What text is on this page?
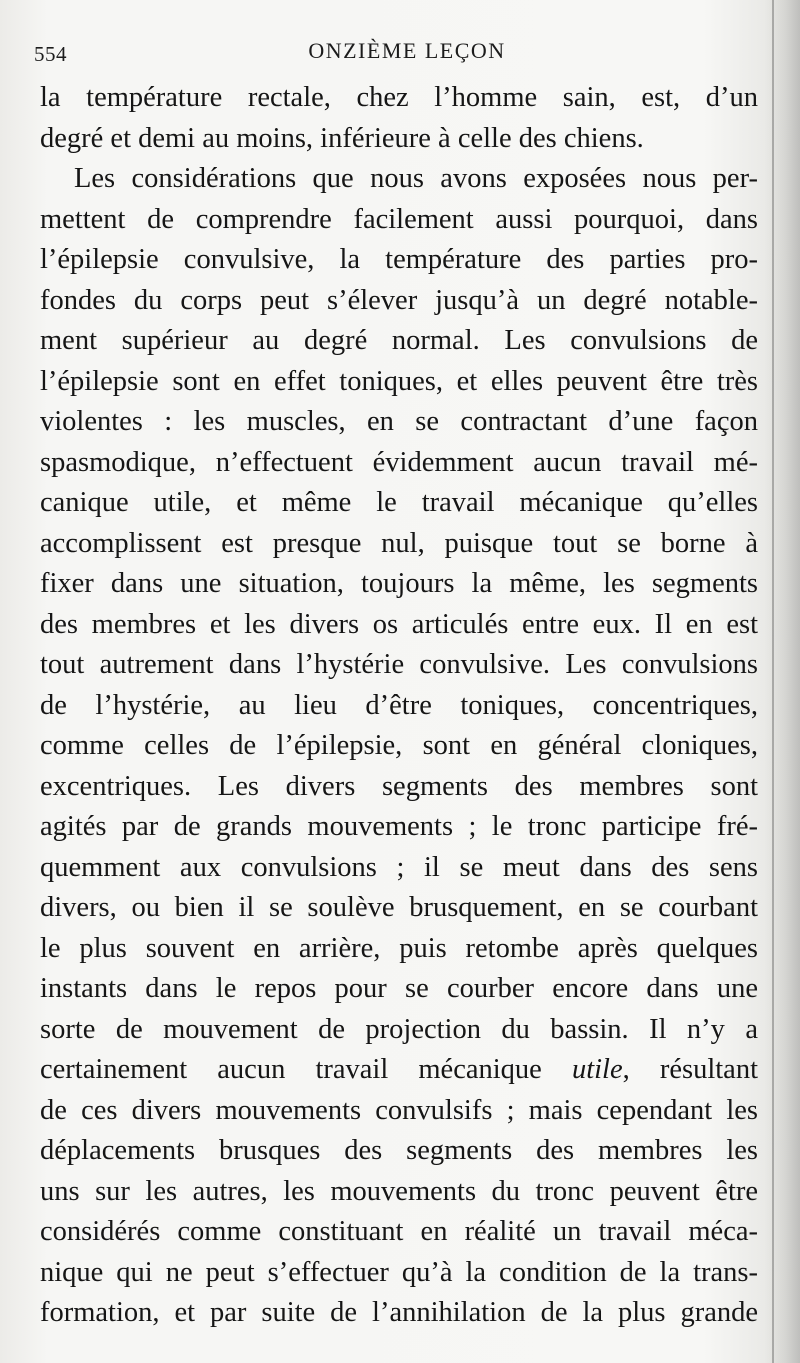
554	ONZIÈME LEÇON
la température rectale, chez l’homme sain, est, d’un
degré et demi au moins, inférieure à celle des chiens.
Les considérations que nous avons exposées nous per-
mettent de comprendre facilement aussi pourquoi, dans
l’épilepsie convulsive, la température des parties pro-
fondes du corps peut s’élever jusqu’à un degré notable-
ment supérieur au degré normal. Les convulsions de
l’épilepsie sont en effet toniques, et elles peuvent être très
violentes : les muscles, en se contractant d’une façon
spasmodique, n’effectuent évidemment aucun travail mé-
canique utile, et même le travail mécanique qu’elles
accomplissent est presque nul, puisque tout se borne à
fixer dans une situation, toujours la même, les segments
des membres et les divers os articulés entre eux. Il en est
tout autrement dans l’hystérie convulsive. Les convulsions
de l’hystérie, au lieu d’être toniques, concentriques,
comme celles de l’épilepsie, sont en général cloniques,
excentriques. Les divers segments des membres sont
agités par de grands mouvements ; le tronc participe fré-
quemment aux convulsions ; il se meut dans des sens
divers, ou bien il se soulève brusquement, en se courbant
le plus souvent en arrière, puis retombe après quelques
instants dans le repos pour se courber encore dans une
sorte de mouvement de projection du bassin. Il n’y a
certainement aucun travail mécanique utile, résultant
de ces divers mouvements convulsifs ; mais cependant les
déplacements brusques des segments des membres les
uns sur les autres, les mouvements du tronc peuvent être
considérés comme constituant en réalité un travail méca-
nique qui ne peut s’effectuer qu’à la condition de la trans-
formation, et par suite de l’annihilation de la plus grande
